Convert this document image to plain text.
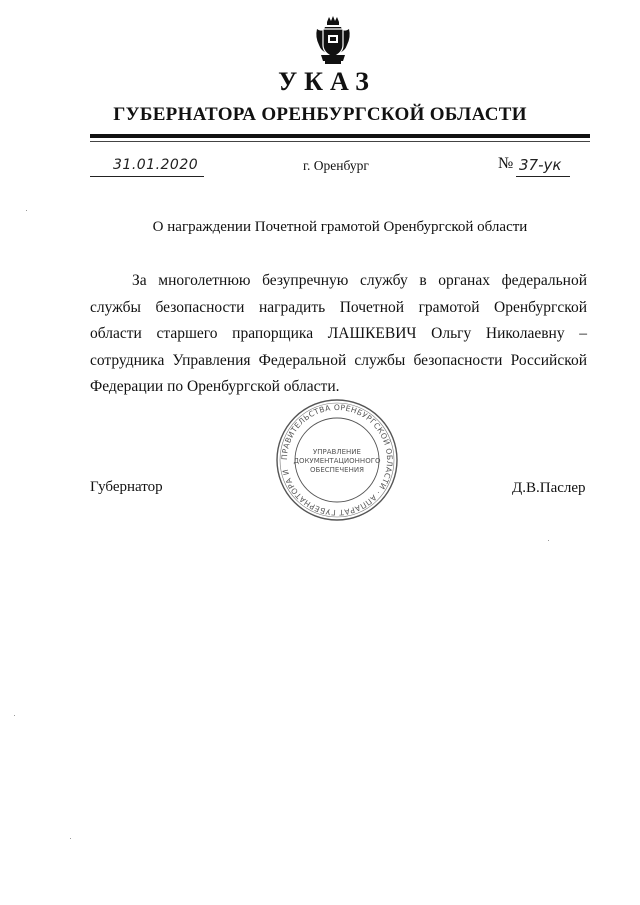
УКАЗ
ГУБЕРНАТОРА ОРЕНБУРГСКОЙ ОБЛАСТИ
31.01.2020	г. Оренбург	№ 37-ук
О награждении Почетной грамотой Оренбургской области

За многолетнюю безупречную службу в органах федеральной службы безопасности наградить Почетной грамотой Оренбургской области старшего прапорщика ЛАШКЕВИЧ Ольгу Николаевну – сотрудника Управления Федеральной службы безопасности Российской Федерации по Оренбургской области.

ПРАВИТЕЛЬСТВА ОРЕНБУРГСКОЙ ОБЛАСТИ · АППАРАТ ГУБЕРНАТОРА И
УПРАВЛЕНИЕ
ДОКУМЕНТАЦИОННОГО
ОБЕСПЕЧЕНИЯ
Губернатор	Д.В.Паслер
